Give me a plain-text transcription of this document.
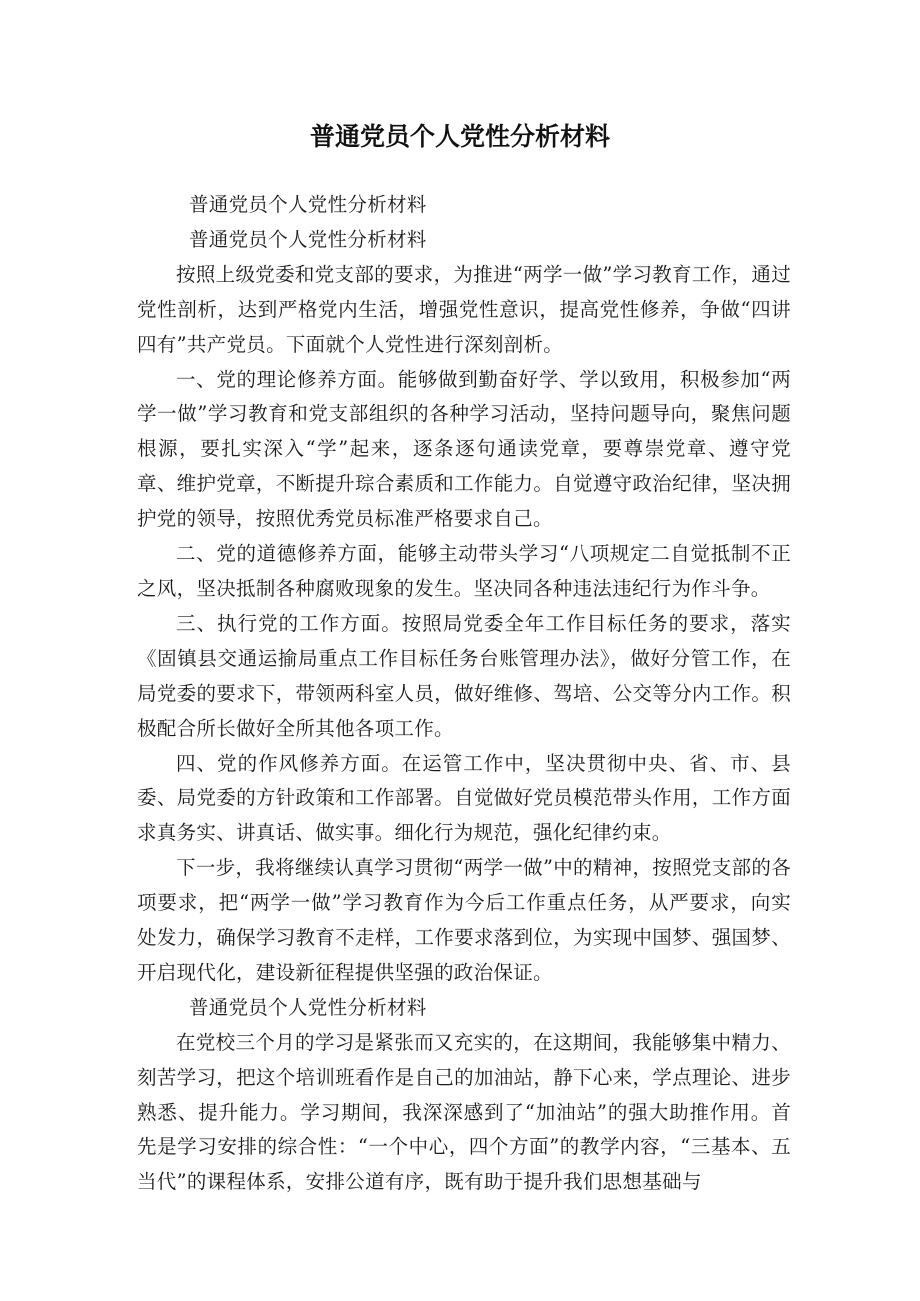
普通党员个人党性分析材料

普通党员个人党性分析材料

普通党员个人党性分析材料

按照上级党委和党支部的要求，为推进“两学一做”学习教育工作，通过党性剖析，达到严格党内生活，增强党性意识，提高党性修养，争做“四讲四有”共产党员。下面就个人党性进行深刻剖析。

一、党的理论修养方面。能够做到勤奋好学、学以致用，积极参加“两学一做”学习教育和党支部组织的各种学习活动，坚持问题导向，聚焦问题根源，要扎实深入“学”起来，逐条逐句通读党章，要尊崇党章、遵守党章、维护党章，不断提升琮合素质和工作能力。自觉遵守政治纪律，坚决拥护党的领导，按照优秀党员标准严格要求自己。

二、党的道德修养方面，能够主动带头学习“八项规定二自觉抵制不正之风，坚决抵制各种腐败现象的发生。坚决同各种违法违纪行为作斗争。

三、执行党的工作方面。按照局党委全年工作目标任务的要求，落实《固镇县交通运揄局重点工作目标任务台账管理办法》，做好分管工作，在局党委的要求下，带领两科室人员，做好维修、驾培、公交等分内工作。积极配合所长做好全所其他各项工作。

四、党的作风修养方面。在运管工作中，坚决贯彻中央、省、市、县委、局党委的方针政策和工作部署。自觉做好党员模范带头作用，工作方面求真务实、讲真话、做实事。细化行为规范，强化纪律约束。

下一步，我将继续认真学习贯彻“两学一做”中的精神，按照党支部的各项要求，把“两学一做”学习教育作为今后工作重点任务，从严要求，向实处发力，确保学习教育不走样，工作要求落到位，为实现中国梦、强国梦、开启现代化，建设新征程提供坚强的政治保证。

普通党员个人党性分析材料

在党校三个月的学习是紧张而又充实的，在这期间，我能够集中精力、刻苦学习，把这个培训班看作是自己的加油站，静下心来，学点理论、进步熟悉、提升能力。学习期间，我深深感到了“加油站”的强大助推作用。首先是学习安排的综合性：“一个中心，四个方面”的教学内容，“三基本、五当代”的课程体系，安排公道有序，既有助于提升我们思想基础与
